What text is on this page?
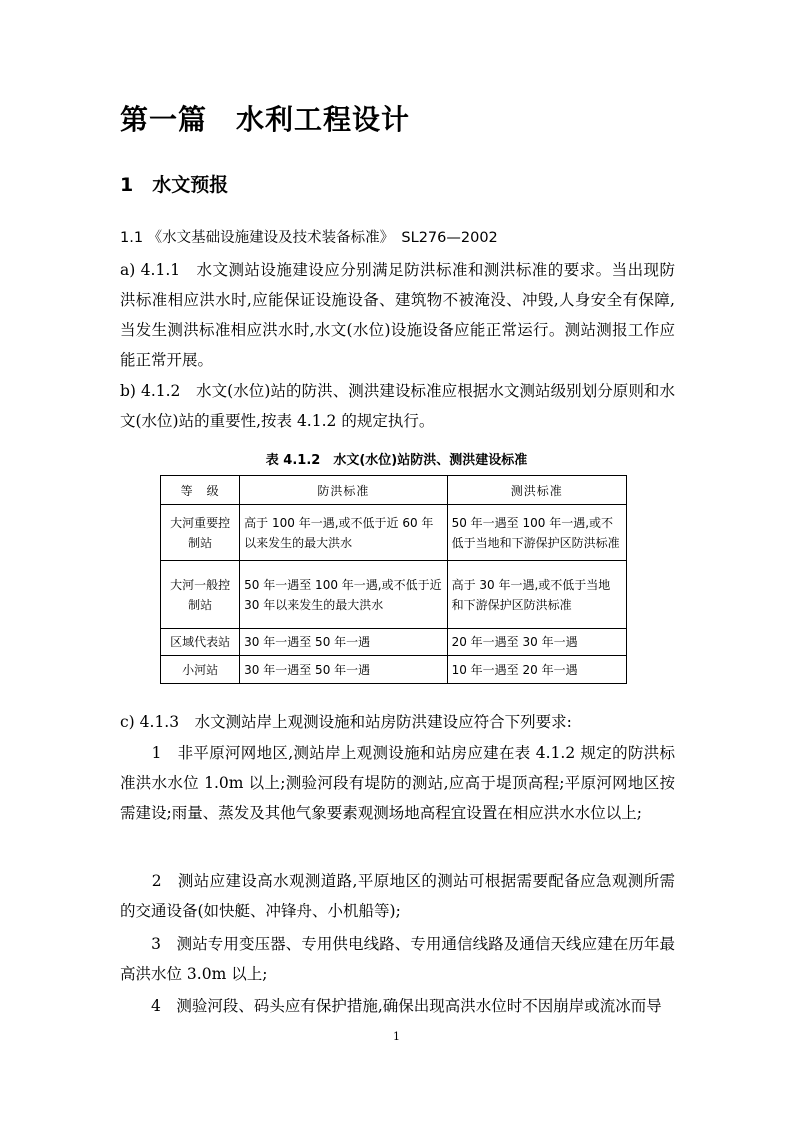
第一篇　水利工程设计
1　水文预报
1.1 《水文基础设施建设及技术装备标准》　SL276—2002
a) 4.1.1　水文测站设施建设应分别满足防洪标准和测洪标准的要求。当出现防洪标准相应洪水时,应能保证设施设备、建筑物不被淹没、冲毁,人身安全有保障,当发生测洪标准相应洪水时,水文(水位)设施设备应能正常运行。测站测报工作应能正常开展。
b) 4.1.2　水文(水位)站的防洪、测洪建设标准应根据水文测站级别划分原则和水文(水位)站的重要性,按表 4.1.2 的规定执行。
表 4.1.2　水文(水位)站防洪、测洪建设标准
等　级	防洪标准	测洪标准
大河重要控制站	高于 100 年一遇,或不低于近 60 年以来发生的最大洪水	50 年一遇至 100 年一遇,或不低于当地和下游保护区防洪标准
大河一般控制站	50 年一遇至 100 年一遇,或不低于近 30 年以来发生的最大洪水	高于 30 年一遇,或不低于当地和下游保护区防洪标准
区域代表站	30 年一遇至 50 年一遇	20 年一遇至 30 年一遇
小河站	30 年一遇至 50 年一遇	10 年一遇至 20 年一遇
c) 4.1.3　水文测站岸上观测设施和站房防洪建设应符合下列要求:
　　1　非平原河网地区,测站岸上观测设施和站房应建在表 4.1.2 规定的防洪标准洪水水位 1.0m 以上;测验河段有堤防的测站,应高于堤顶高程;平原河网地区按需建设;雨量、蒸发及其他气象要素观测场地高程宜设置在相应洪水水位以上;
　　2　测站应建设高水观测道路,平原地区的测站可根据需要配备应急观测所需的交通设备(如快艇、冲锋舟、小机船等);
　　3　测站专用变压器、专用供电线路、专用通信线路及通信天线应建在历年最高洪水位 3.0m 以上;
　　4　测验河段、码头应有保护措施,确保出现高洪水位时不因崩岸或流冰而导
1
